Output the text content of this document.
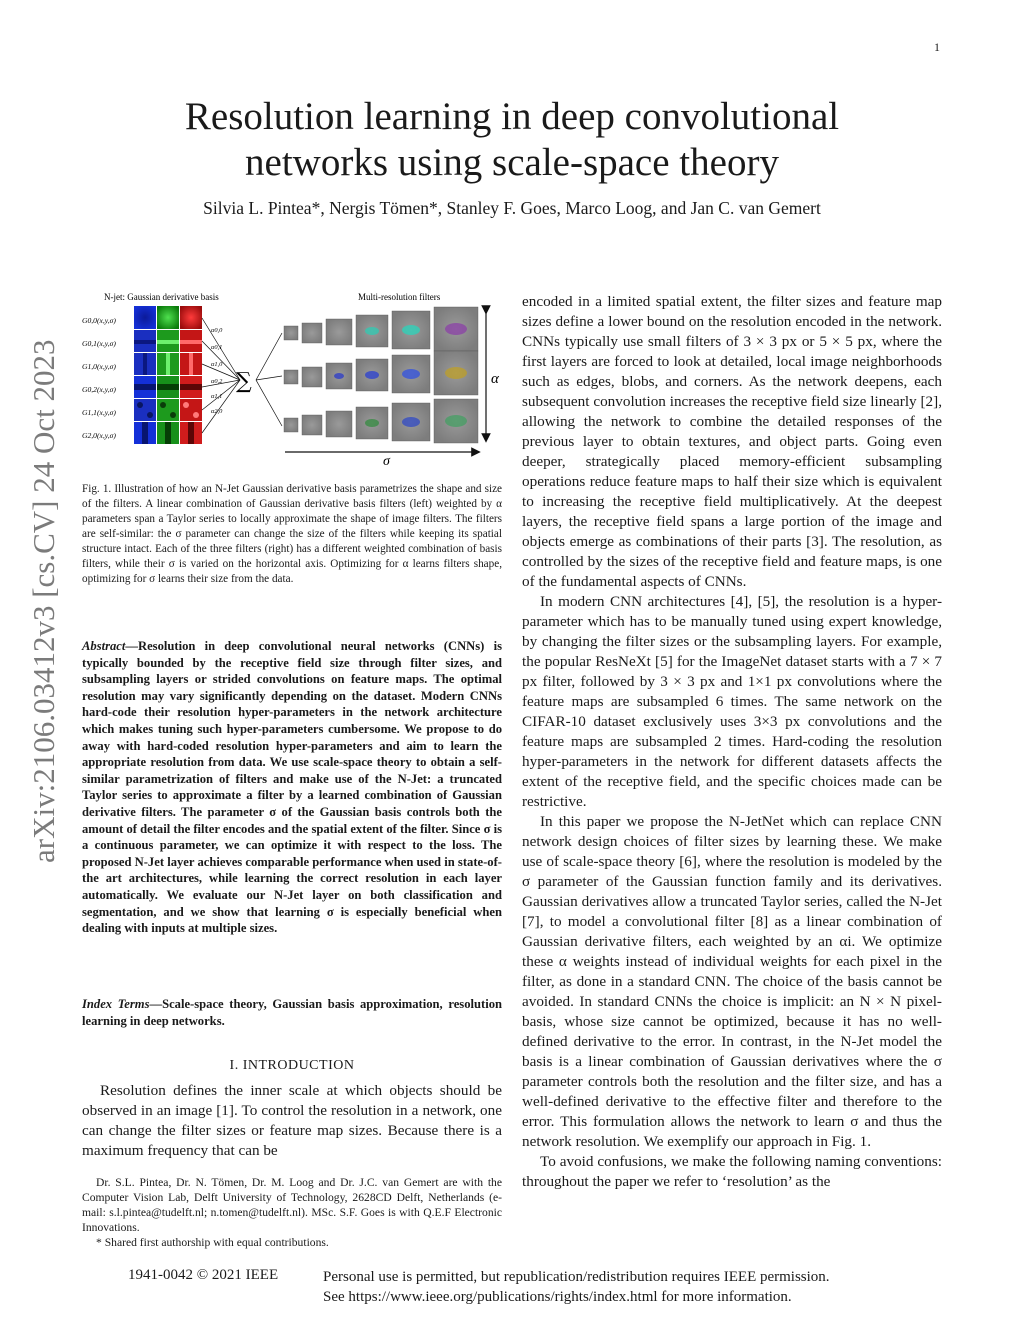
1
arXiv:2106.03412v3 [cs.CV] 24 Oct 2023
Resolution learning in deep convolutional networks using scale-space theory
Silvia L. Pintea*, Nergis Tömen*, Stanley F. Goes, Marco Loog, and Jan C. van Gemert
N-jet: Gaussian derivative basis	Multi-resolution filters
G0,0(x,y,σ)
G0,1(x,y,σ)
G1,0(x,y,σ)
G0,2(x,y,σ)
G1,1(x,y,σ)
G2,0(x,y,σ)
α0,0
α0,1
α1,0
α0,2
α1,1
α2,0
∑	α
σ
Fig. 1. Illustration of how an N-Jet Gaussian derivative basis parametrizes the shape and size of the filters. A linear combination of Gaussian derivative basis filters (left) weighted by α parameters span a Taylor series to locally approximate the shape of image filters. The filters are self-similar: the σ parameter can change the size of the filters while keeping its spatial structure intact. Each of the three filters (right) has a different weighted combination of basis filters, while their σ is varied on the horizontal axis. Optimizing for α learns filters shape, optimizing for σ learns their size from the data.
Abstract—Resolution in deep convolutional neural networks (CNNs) is typically bounded by the receptive field size through filter sizes, and subsampling layers or strided convolutions on feature maps. The optimal resolution may vary significantly depending on the dataset. Modern CNNs hard-code their resolution hyper-parameters in the network architecture which makes tuning such hyper-parameters cumbersome. We propose to do away with hard-coded resolution hyper-parameters and aim to learn the appropriate resolution from data. We use scale-space theory to obtain a self-similar parametrization of filters and make use of the N-Jet: a truncated Taylor series to approximate a filter by a learned combination of Gaussian derivative filters. The parameter σ of the Gaussian basis controls both the amount of detail the filter encodes and the spatial extent of the filter. Since σ is a continuous parameter, we can optimize it with respect to the loss. The proposed N-Jet layer achieves comparable performance when used in state-of-the art architectures, while learning the correct resolution in each layer automatically. We evaluate our N-Jet layer on both classification and segmentation, and we show that learning σ is especially beneficial when dealing with inputs at multiple sizes.
Index Terms—Scale-space theory, Gaussian basis approximation, resolution learning in deep networks.
I. INTRODUCTION

Resolution defines the inner scale at which objects should be observed in an image [1]. To control the resolution in a network, one can change the filter sizes or feature map sizes. Because there is a maximum frequency that can be

Dr. S.L. Pintea, Dr. N. Tömen, Dr. M. Loog and Dr. J.C. van Gemert are with the Computer Vision Lab, Delft University of Technology, 2628CD Delft, Netherlands (e-mail: s.l.pintea@tudelft.nl; n.tomen@tudelft.nl). MSc. S.F. Goes is with Q.E.F Electronic Innovations.

* Shared first authorship with equal contributions.

encoded in a limited spatial extent, the filter sizes and feature map sizes define a lower bound on the resolution encoded in the network. CNNs typically use small filters of 3 × 3 px or 5 × 5 px, where the first layers are forced to look at detailed, local image neighborhoods such as edges, blobs, and corners. As the network deepens, each subsequent convolution increases the receptive field size linearly [2], allowing the network to combine the detailed responses of the previous layer to obtain textures, and object parts. Going even deeper, strategically placed memory-efficient subsampling operations reduce feature maps to half their size which is equivalent to increasing the receptive field multiplicatively. At the deepest layers, the receptive field spans a large portion of the image and objects emerge as combinations of their parts [3]. The resolution, as controlled by the sizes of the receptive field and feature maps, is one of the fundamental aspects of CNNs.

In modern CNN architectures [4], [5], the resolution is a hyper-parameter which has to be manually tuned using expert knowledge, by changing the filter sizes or the subsampling layers. For example, the popular ResNeXt [5] for the ImageNet dataset starts with a 7 × 7 px filter, followed by 3 × 3 px and 1×1 px convolutions where the feature maps are subsampled 6 times. The same network on the CIFAR-10 dataset exclusively uses 3×3 px convolutions and the feature maps are subsampled 2 times. Hard-coding the resolution hyper-parameters in the network for different datasets affects the extent of the receptive field, and the specific choices made can be restrictive.

In this paper we propose the N-JetNet which can replace CNN network design choices of filter sizes by learning these. We make use of scale-space theory [6], where the resolution is modeled by the σ parameter of the Gaussian function family and its derivatives. Gaussian derivatives allow a truncated Taylor series, called the N-Jet [7], to model a convolutional filter [8] as a linear combination of Gaussian derivative filters, each weighted by an αi. We optimize these α weights instead of individual weights for each pixel in the filter, as done in a standard CNN. The choice of the basis cannot be avoided. In standard CNNs the choice is implicit: an N × N pixel-basis, whose size cannot be optimized, because it has no well-defined derivative to the error. In contrast, in the N-Jet model the basis is a linear combination of Gaussian derivatives where the σ parameter controls both the resolution and the filter size, and has a well-defined derivative to the effective filter and therefore to the error. This formulation allows the network to learn σ and thus the network resolution. We exemplify our approach in Fig. 1.

To avoid confusions, we make the following naming conventions: throughout the paper we refer to ‘resolution’ as the

1941-0042 © 2021 IEEE	Personal use is permitted, but republication/redistribution requires IEEE permission.
See https://www.ieee.org/publications/rights/index.html for more information.
